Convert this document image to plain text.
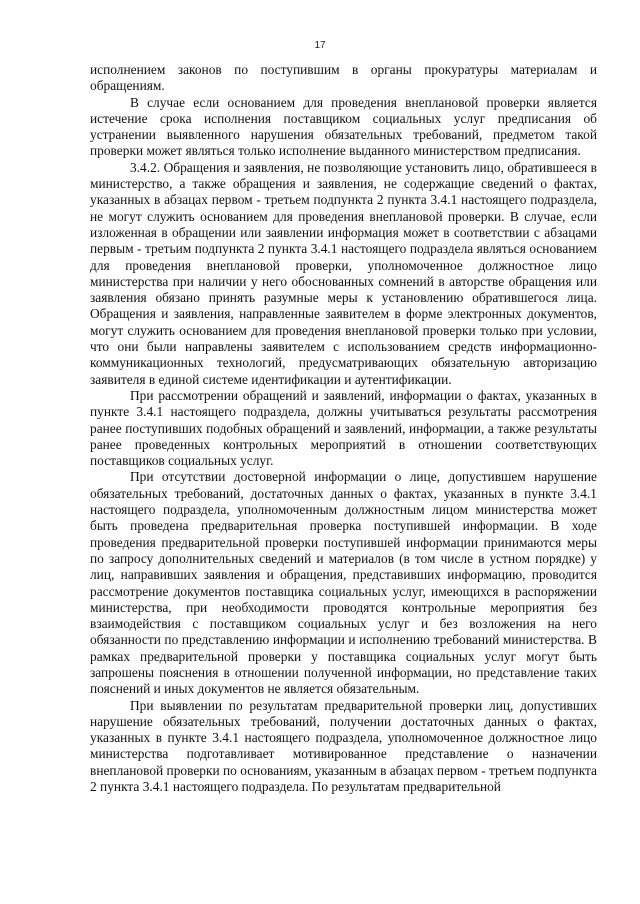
17

исполнением законов по поступившим в органы прокуратуры материалам и обращениям.

В случае если основанием для проведения внеплановой проверки является истечение срока исполнения поставщиком социальных услуг предписания об устранении выявленного нарушения обязательных требований, предметом такой проверки может являться только исполнение выданного министерством предписания.

3.4.2. Обращения и заявления, не позволяющие установить лицо, обратившееся в министерство, а также обращения и заявления, не содержащие сведений о фактах, указанных в абзацах первом - третьем подпункта 2 пункта 3.4.1 настоящего подраздела, не могут служить основанием для проведения внеплановой проверки. В случае, если изложенная в обращении или заявлении информация может в соответствии с абзацами первым - третьим подпункта 2 пункта 3.4.1 настоящего подраздела являться основанием для проведения внеплановой проверки, уполномоченное должностное лицо министерства при наличии у него обоснованных сомнений в авторстве обращения или заявления обязано принять разумные меры к установлению обратившегося лица. Обращения и заявления, направленные заявителем в форме электронных документов, могут служить основанием для проведения внеплановой проверки только при условии, что они были направлены заявителем с использованием средств информационно-коммуникационных технологий, предусматривающих обязательную авторизацию заявителя в единой системе идентификации и аутентификации.

При рассмотрении обращений и заявлений, информации о фактах, указанных в пункте 3.4.1 настоящего подраздела, должны учитываться результаты рассмотрения ранее поступивших подобных обращений и заявлений, информации, а также результаты ранее проведенных контрольных мероприятий в отношении соответствующих поставщиков социальных услуг.

При отсутствии достоверной информации о лице, допустившем нарушение обязательных требований, достаточных данных о фактах, указанных в пункте 3.4.1 настоящего подраздела, уполномоченным должностным лицом министерства может быть проведена предварительная проверка поступившей информации. В ходе проведения предварительной проверки поступившей информации принимаются меры по запросу дополнительных сведений и материалов (в том числе в устном порядке) у лиц, направивших заявления и обращения, представивших информацию, проводится рассмотрение документов поставщика социальных услуг, имеющихся в распоряжении министерства, при необходимости проводятся контрольные мероприятия без взаимодействия с поставщиком социальных услуг и без возложения на него обязанности по представлению информации и исполнению требований министерства. В рамках предварительной проверки у поставщика социальных услуг могут быть запрошены пояснения в отношении полученной информации, но представление таких пояснений и иных документов не является обязательным.

При выявлении по результатам предварительной проверки лиц, допустивших нарушение обязательных требований, получении достаточных данных о фактах, указанных в пункте 3.4.1 настоящего подраздела, уполномоченное должностное лицо министерства подготавливает мотивированное представление о назначении внеплановой проверки по основаниям, указанным в абзацах первом - третьем подпункта 2 пункта 3.4.1 настоящего подраздела. По результатам предварительной
